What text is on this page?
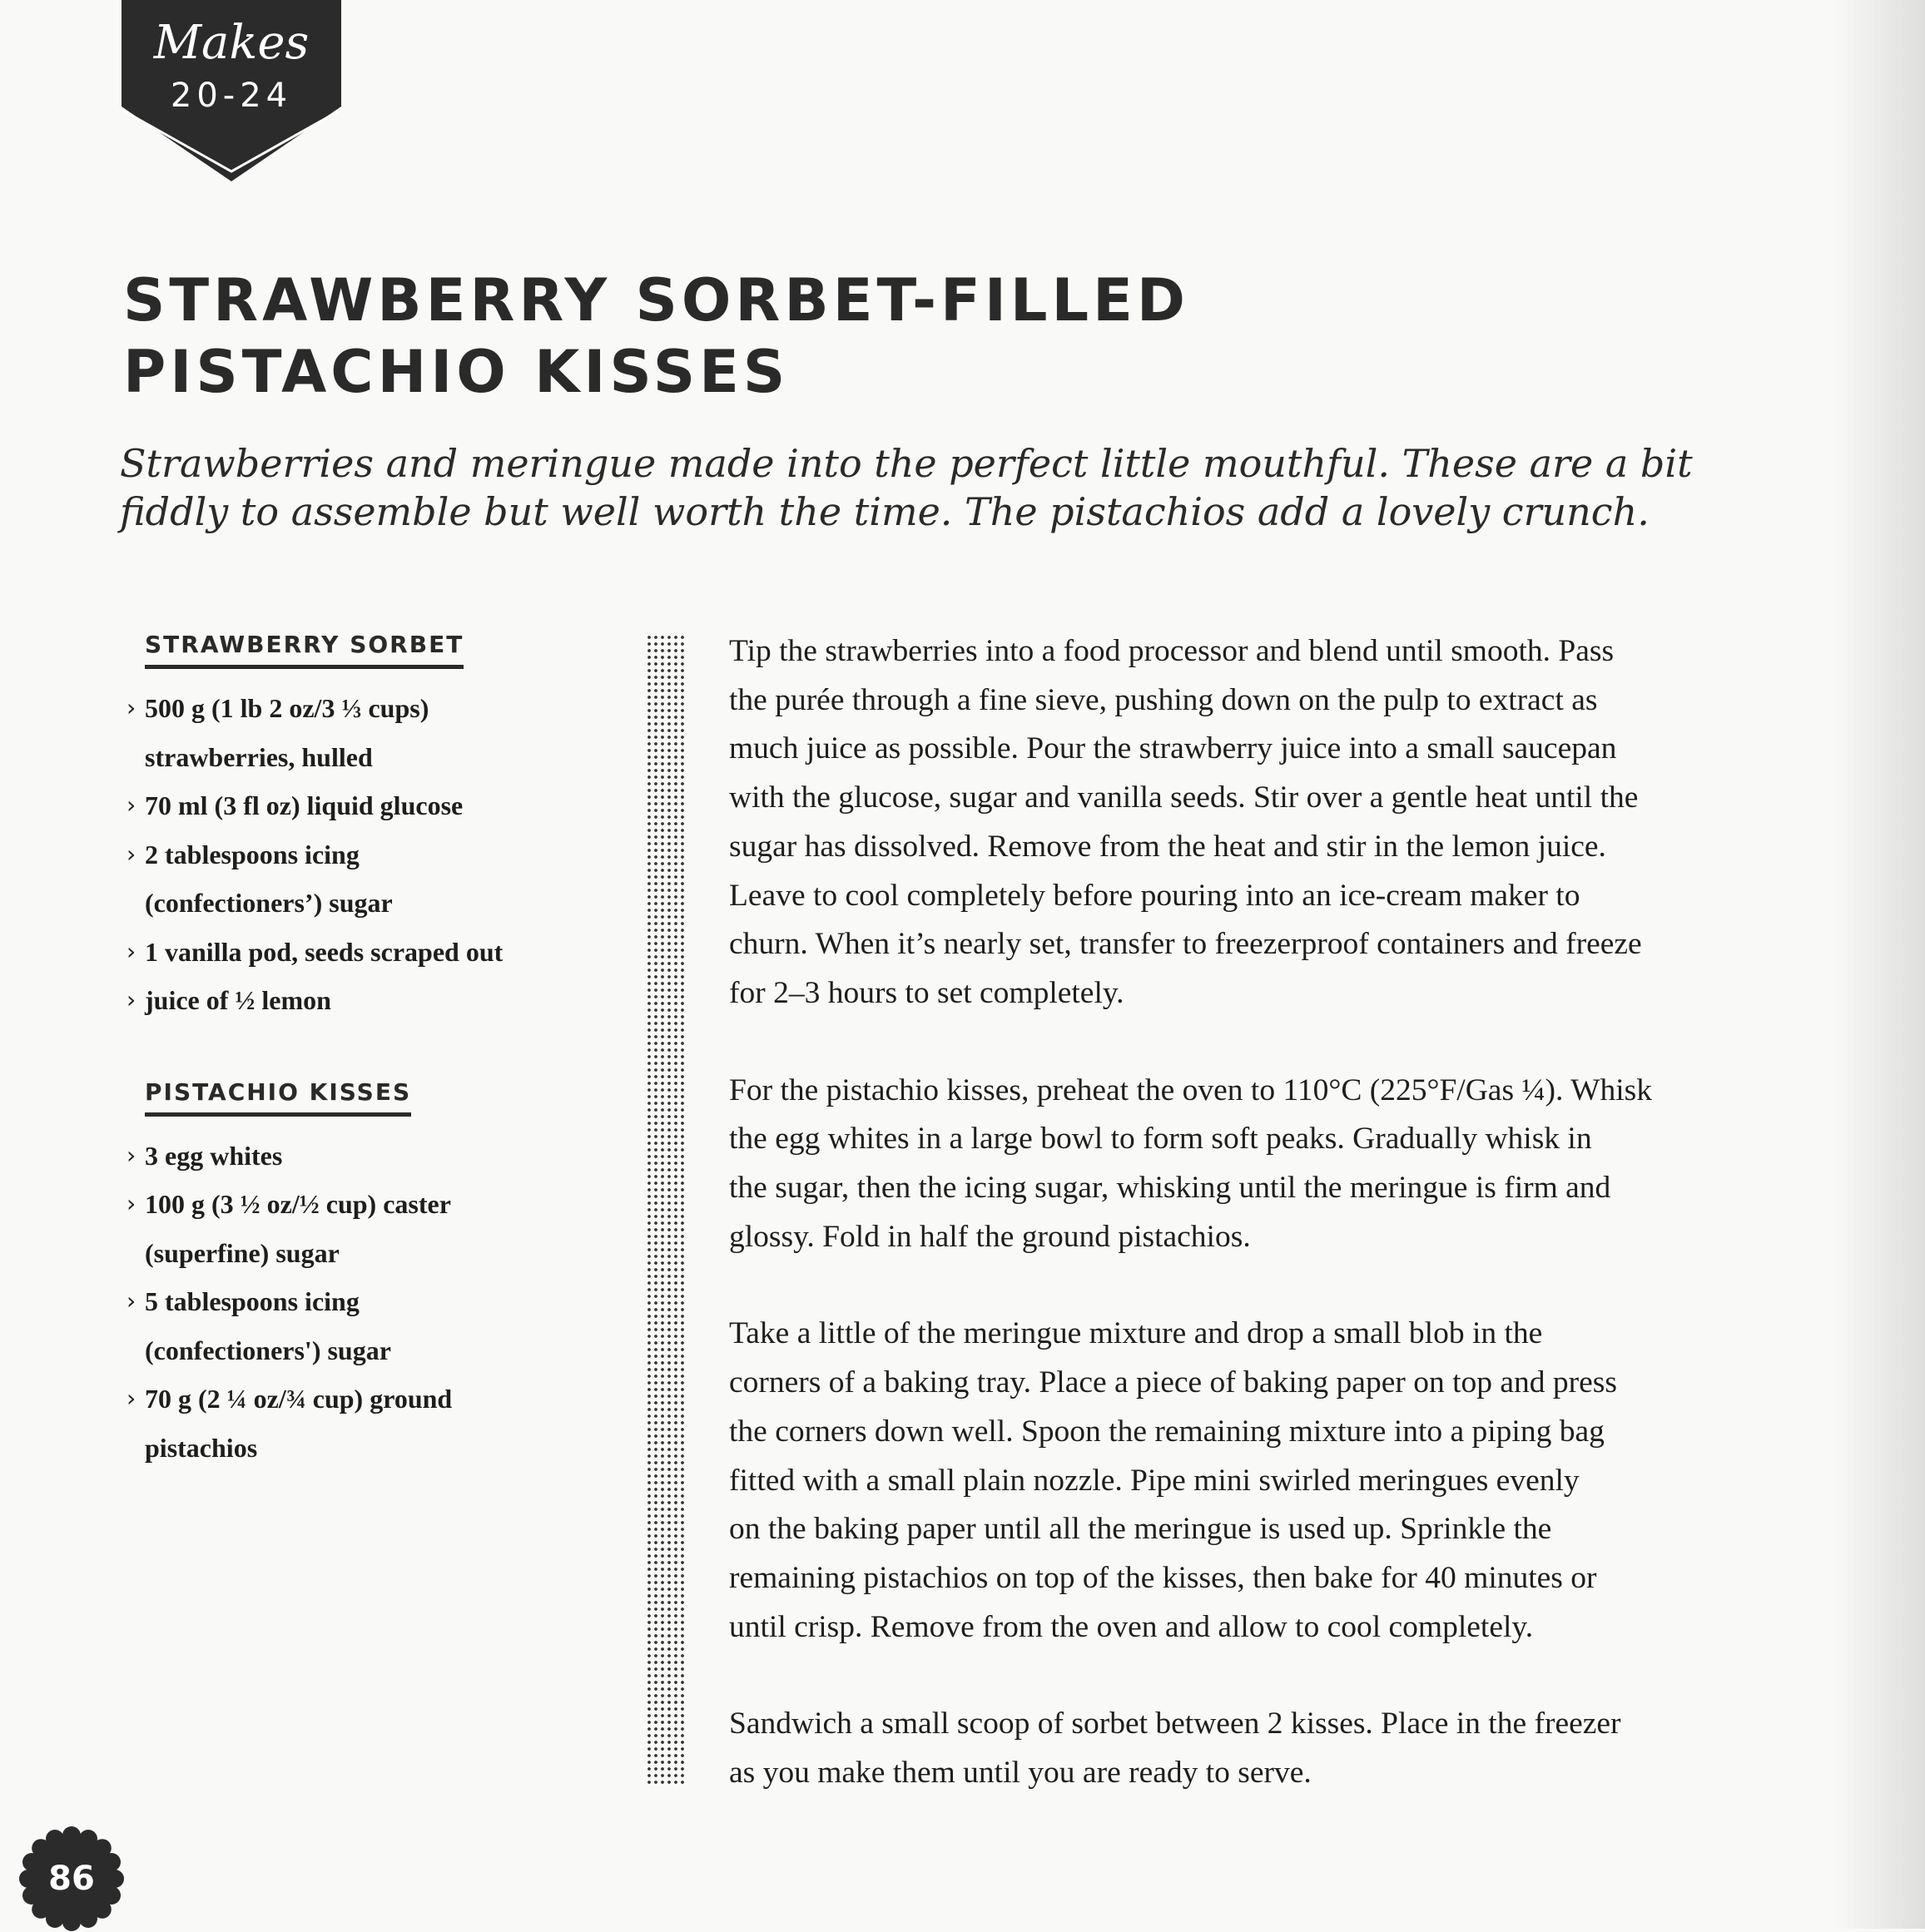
Makes
20-24
STRAWBERRY SORBET-FILLED
PISTACHIO KISSES

Strawberries and meringue made into the perfect little mouthful. These are a bit
fiddly to assemble but well worth the time. The pistachios add a lovely crunch.

STRAWBERRY SORBET
› 500 g (1 lb 2 oz/3 ⅓ cups)
strawberries, hulled
› 70 ml (3 fl oz) liquid glucose
› 2 tablespoons icing
(confectioners’) sugar
› 1 vanilla pod, seeds scraped out
› juice of ½ lemon
PISTACHIO KISSES
› 3 egg whites
› 100 g (3 ½ oz/½ cup) caster
(superfine) sugar
› 5 tablespoons icing
(confectioners') sugar
› 70 g (2 ¼ oz/¾ cup) ground
pistachios

Tip the strawberries into a food processor and blend until smooth. Pass
the purée through a fine sieve, pushing down on the pulp to extract as
much juice as possible. Pour the strawberry juice into a small saucepan
with the glucose, sugar and vanilla seeds. Stir over a gentle heat until the
sugar has dissolved. Remove from the heat and stir in the lemon juice.
Leave to cool completely before pouring into an ice-cream maker to
churn. When it’s nearly set, transfer to freezerproof containers and freeze
for 2–3 hours to set completely.

For the pistachio kisses, preheat the oven to 110°C (225°F/Gas ¼). Whisk
the egg whites in a large bowl to form soft peaks. Gradually whisk in
the sugar, then the icing sugar, whisking until the meringue is firm and
glossy. Fold in half the ground pistachios.

Take a little of the meringue mixture and drop a small blob in the
corners of a baking tray. Place a piece of baking paper on top and press
the corners down well. Spoon the remaining mixture into a piping bag
fitted with a small plain nozzle. Pipe mini swirled meringues evenly
on the baking paper until all the meringue is used up. Sprinkle the
remaining pistachios on top of the kisses, then bake for 40 minutes or
until crisp. Remove from the oven and allow to cool completely.

Sandwich a small scoop of sorbet between 2 kisses. Place in the freezer
as you make them until you are ready to serve.

86
